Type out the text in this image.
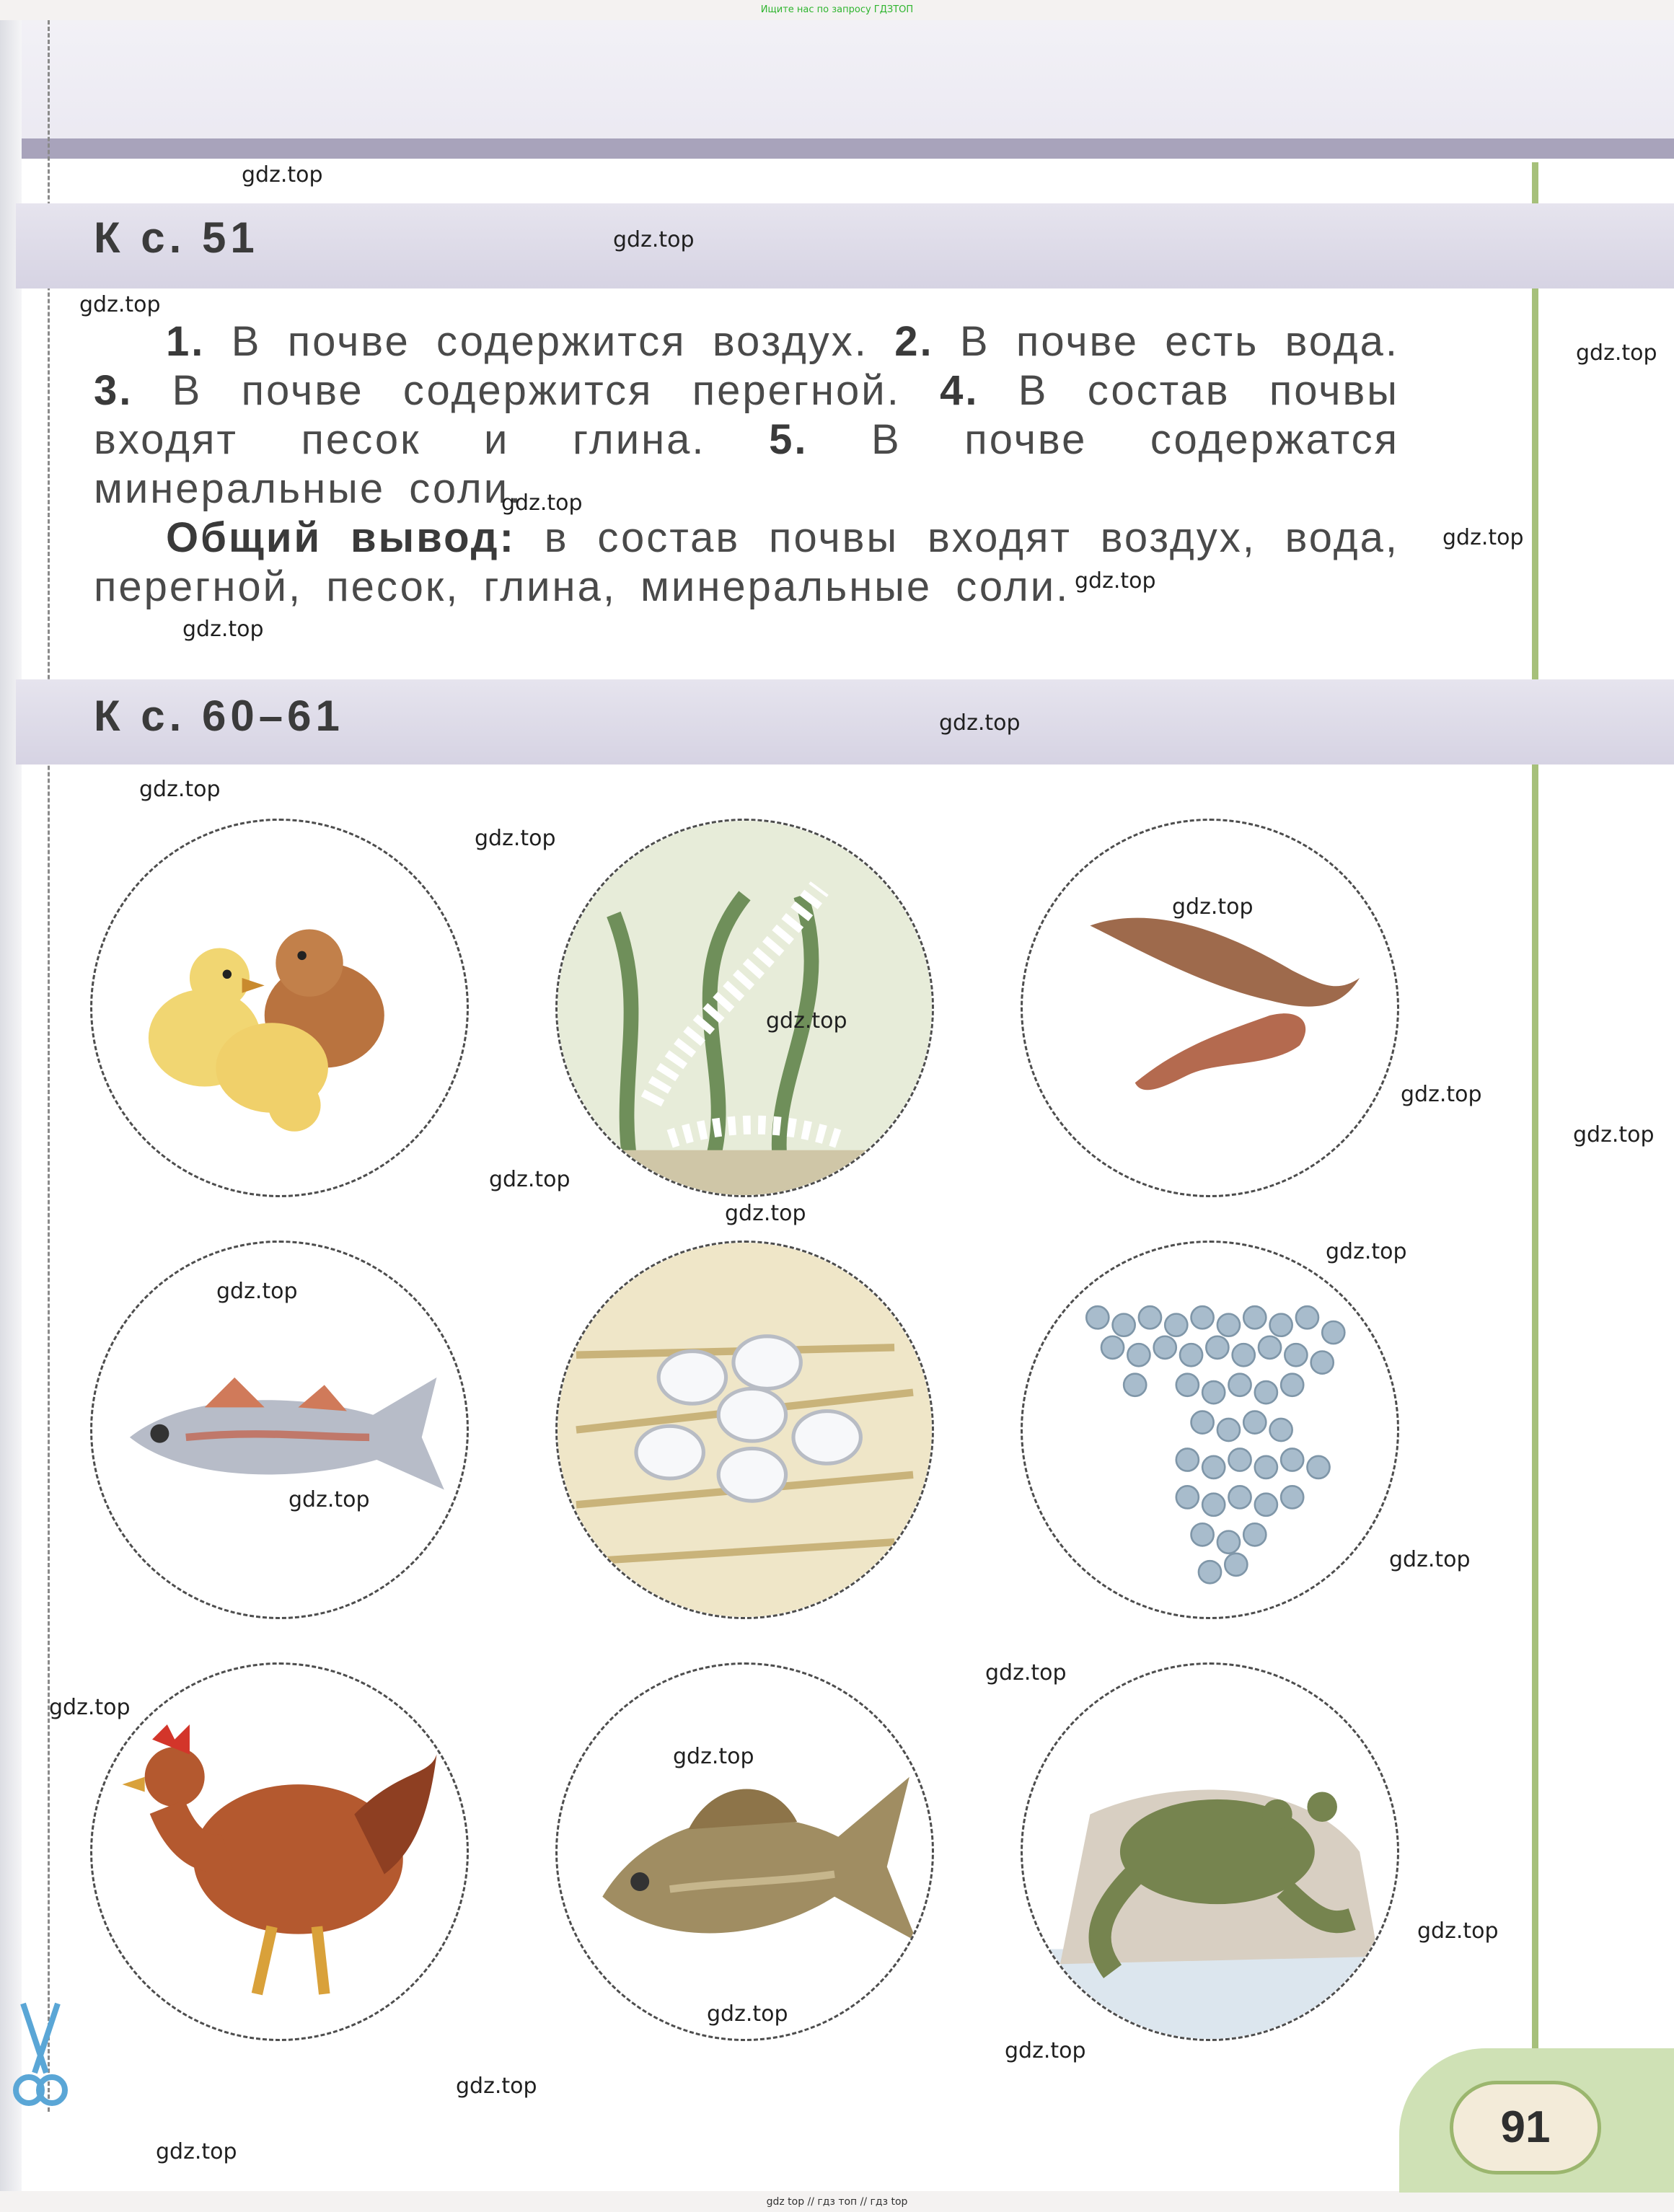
Ищите нас по запросу ГДЗТОП
К с. 51

1. В почве содержится воздух. 2. В почве есть вода. 3. В почве содержится перегной. 4. В состав почвы входят песок и глина. 5. В почве содержатся минеральные соли.

Общий вывод: в состав почвы входят воздух, вода, перегной, песок, глина, минеральные соли.

К с. 60–61
gdz.top
gdz.top
gdz.top
gdz.top
gdz.top
gdz.top
gdz.top
gdz.top
gdz.top
gdz.top
gdz.top
gdz.top
gdz.top
gdz.top
gdz.top
gdz.top
gdz.top
gdz.top
gdz.top
gdz.top
gdz.top
gdz.top
gdz.top
gdz.top
gdz.top
gdz.top
gdz.top
gdz.top
gdz.top	91
gdz top // гдз топ // гдз top
